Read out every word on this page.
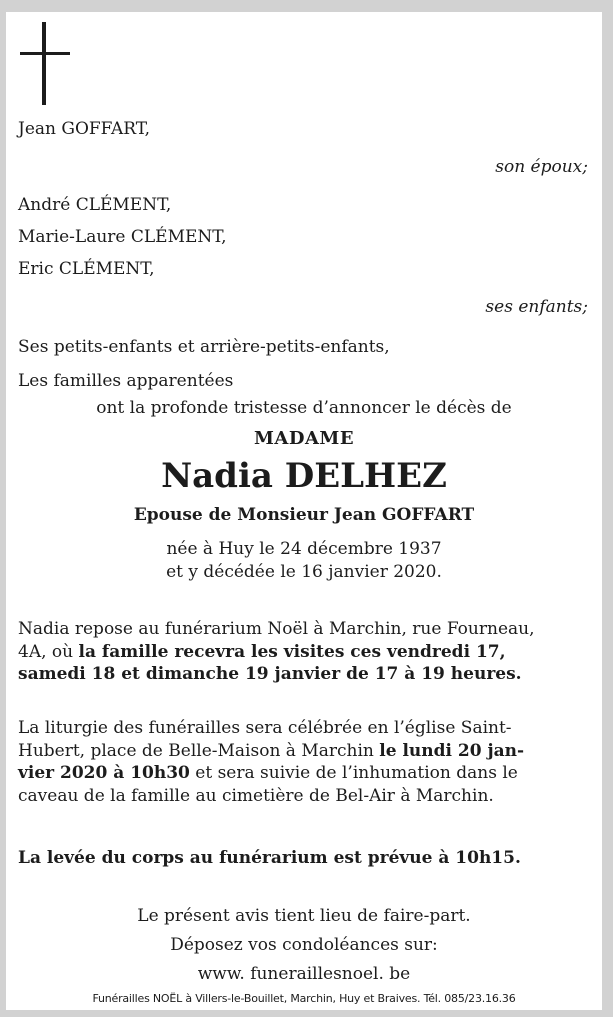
Jean GOFFART,
son époux;
André CLÉMENT,
Marie-Laure CLÉMENT,
Eric CLÉMENT,
ses enfants;
Ses petits-enfants et arrière-petits-enfants,
Les familles apparentées
ont la profonde tristesse d’annoncer le décès de
MADAME
Nadia DELHEZ
Epouse de Monsieur Jean GOFFART
née à Huy le 24 décembre 1937
et y décédée le 16 janvier 2020.
Nadia repose au funérarium Noël à Marchin, rue Fourneau,
4A, où la famille recevra les visites ces vendredi 17,
samedi 18 et dimanche 19 janvier de 17 à 19 heures.
La liturgie des funérailles sera célébrée en l’église Saint-
Hubert, place de Belle-Maison à Marchin le lundi 20 jan-
vier 2020 à 10h30 et sera suivie de l’inhumation dans le
caveau de la famille au cimetière de Bel-Air à Marchin.
La levée du corps au funérarium est prévue à 10h15.
Le présent avis tient lieu de faire-part.
Déposez vos condoléances sur:
www. funeraillesnoel. be
Funérailles NOËL à Villers-le-Bouillet, Marchin, Huy et Braives. Tél. 085/23.16.36
